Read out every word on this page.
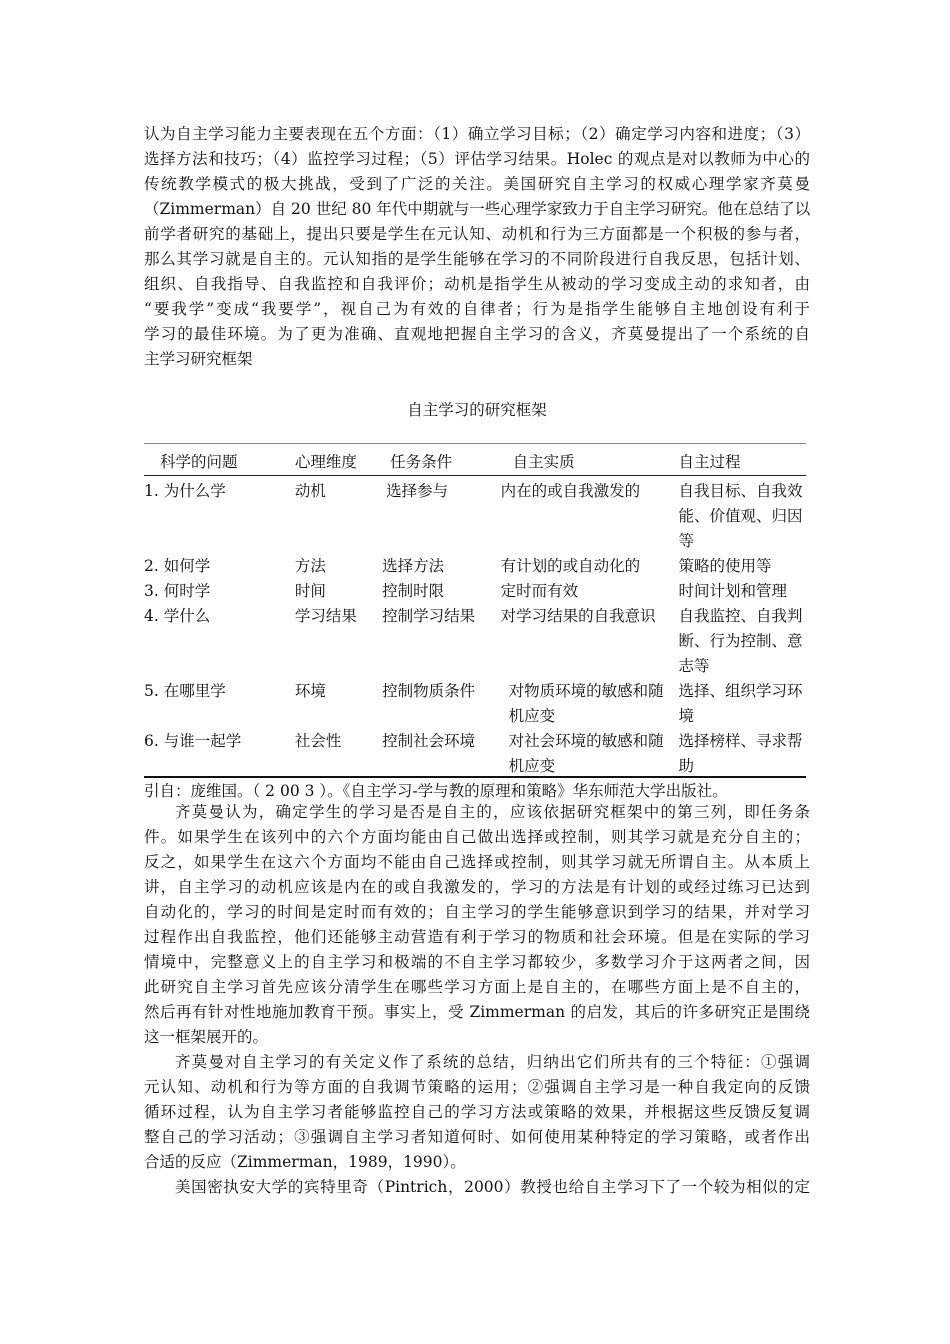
认为自主学习能力主要表现在五个方面：（1）确立学习目标；（2）确定学习内容和进度；（3）
选择方法和技巧；（4）监控学习过程；（5）评估学习结果。Holec 的观点是对以教师为中心的
传统教学模式的极大挑战，受到了广泛的关注。美国研究自主学习的权威心理学家齐莫曼
（Zimmerman）自 20 世纪 80 年代中期就与一些心理学家致力于自主学习研究。他在总结了以
前学者研究的基础上，提出只要是学生在元认知、动机和行为三方面都是一个积极的参与者，
那么其学习就是自主的。元认知指的是学生能够在学习的不同阶段进行自我反思，包括计划、
组织、自我指导、自我监控和自我评价；动机是指学生从被动的学习变成主动的求知者，由
“要我学”变成“我要学”，视自己为有效的自律者；行为是指学生能够自主地创设有利于
学习的最佳环境。为了更为准确、直观地把握自主学习的含义，齐莫曼提出了一个系统的自
主学习研究框架
自主学习的研究框架
科学的问题	心理维度	任务条件	自主实质	自主过程
1. 为什么学	动机	选择参与	内在的或自我激发的	自我目标、自我效能、价值观、归因等
2. 如何学	方法	选择方法	有计划的或自动化的	策略的使用等
3. 何时学	时间	控制时限	定时而有效	时间计划和管理
4. 学什么	学习结果	控制学习结果	对学习结果的自我意识	自我监控、自我判断、行为控制、意志等
5. 在哪里学	环境	控制物质条件	对物质环境的敏感和随机应变	选择、组织学习环境
6. 与谁一起学	社会性	控制社会环境	对社会环境的敏感和随机应变	选择榜样、寻求帮助
引自：庞维国。（ 2 00 3 ）。《自主学习-学与教的原理和策略》华东师范大学出版社。
齐莫曼认为，确定学生的学习是否是自主的，应该依据研究框架中的第三列，即任务条
件。如果学生在该列中的六个方面均能由自己做出选择或控制，则其学习就是充分自主的；
反之，如果学生在这六个方面均不能由自己选择或控制，则其学习就无所谓自主。从本质上
讲，自主学习的动机应该是内在的或自我激发的，学习的方法是有计划的或经过练习已达到
自动化的，学习的时间是定时而有效的；自主学习的学生能够意识到学习的结果，并对学习
过程作出自我监控，他们还能够主动营造有利于学习的物质和社会环境。但是在实际的学习
情境中，完整意义上的自主学习和极端的不自主学习都较少，多数学习介于这两者之间，因
此研究自主学习首先应该分清学生在哪些学习方面上是自主的，在哪些方面上是不自主的，
然后再有针对性地施加教育干预。事实上，受 Zimmerman 的启发，其后的许多研究正是围绕
这一框架展开的。
齐莫曼对自主学习的有关定义作了系统的总结，归纳出它们所共有的三个特征：①强调
元认知、动机和行为等方面的自我调节策略的运用；②强调自主学习是一种自我定向的反馈
循环过程，认为自主学习者能够监控自己的学习方法或策略的效果，并根据这些反馈反复调
整自己的学习活动；③强调自主学习者知道何时、如何使用某种特定的学习策略，或者作出
合适的反应（Zimmerman，1989，1990）。
美国密执安大学的宾特里奇（Pintrich，2000）教授也给自主学习下了一个较为相似的定
